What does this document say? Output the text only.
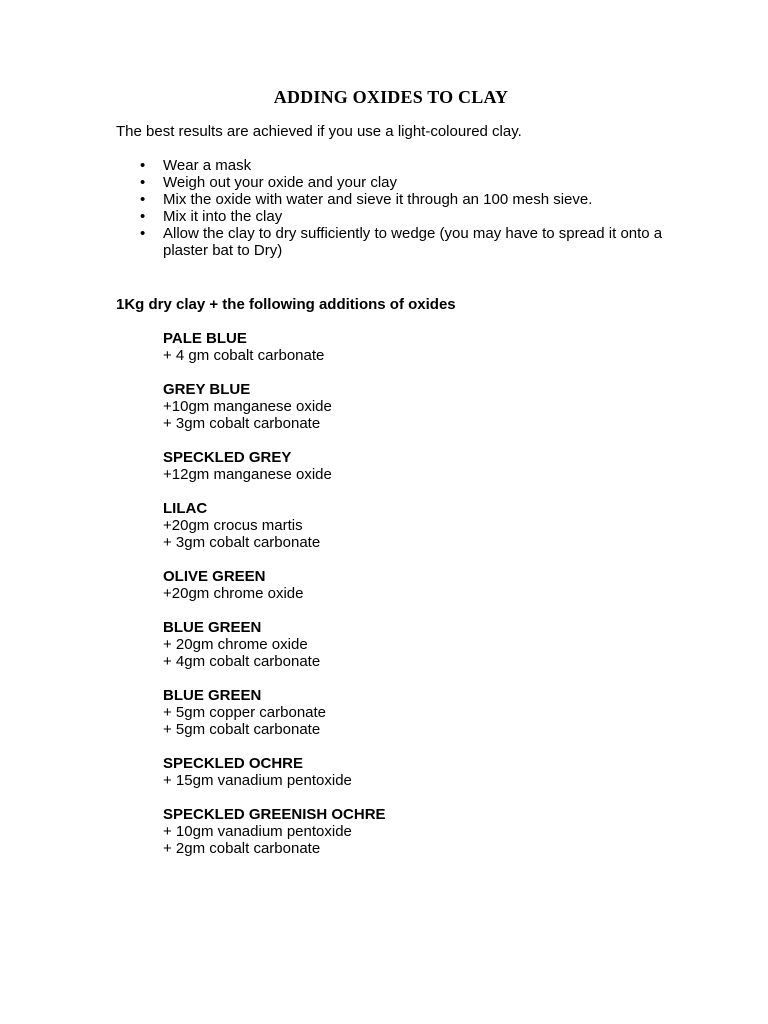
ADDING OXIDES TO CLAY
The best results are achieved if you use a light-coloured clay.
• Wear a mask
• Weigh out your oxide and your clay
• Mix the oxide with water and sieve it through an 100 mesh sieve.
• Mix it into the clay
• Allow the clay to dry sufficiently to wedge (you may have to spread it onto a plaster bat to Dry)
1Kg dry clay + the following additions of oxides
PALE BLUE
+ 4 gm cobalt carbonate
GREY BLUE
+10gm manganese oxide
+ 3gm cobalt carbonate
SPECKLED GREY
+12gm manganese oxide
LILAC
+20gm crocus martis
+ 3gm cobalt carbonate
OLIVE GREEN
+20gm chrome oxide
BLUE GREEN
+ 20gm chrome oxide
+ 4gm cobalt carbonate
BLUE GREEN
+ 5gm copper carbonate
+ 5gm cobalt carbonate
SPECKLED OCHRE
+ 15gm vanadium pentoxide
SPECKLED GREENISH OCHRE
+ 10gm vanadium pentoxide
+ 2gm cobalt carbonate
